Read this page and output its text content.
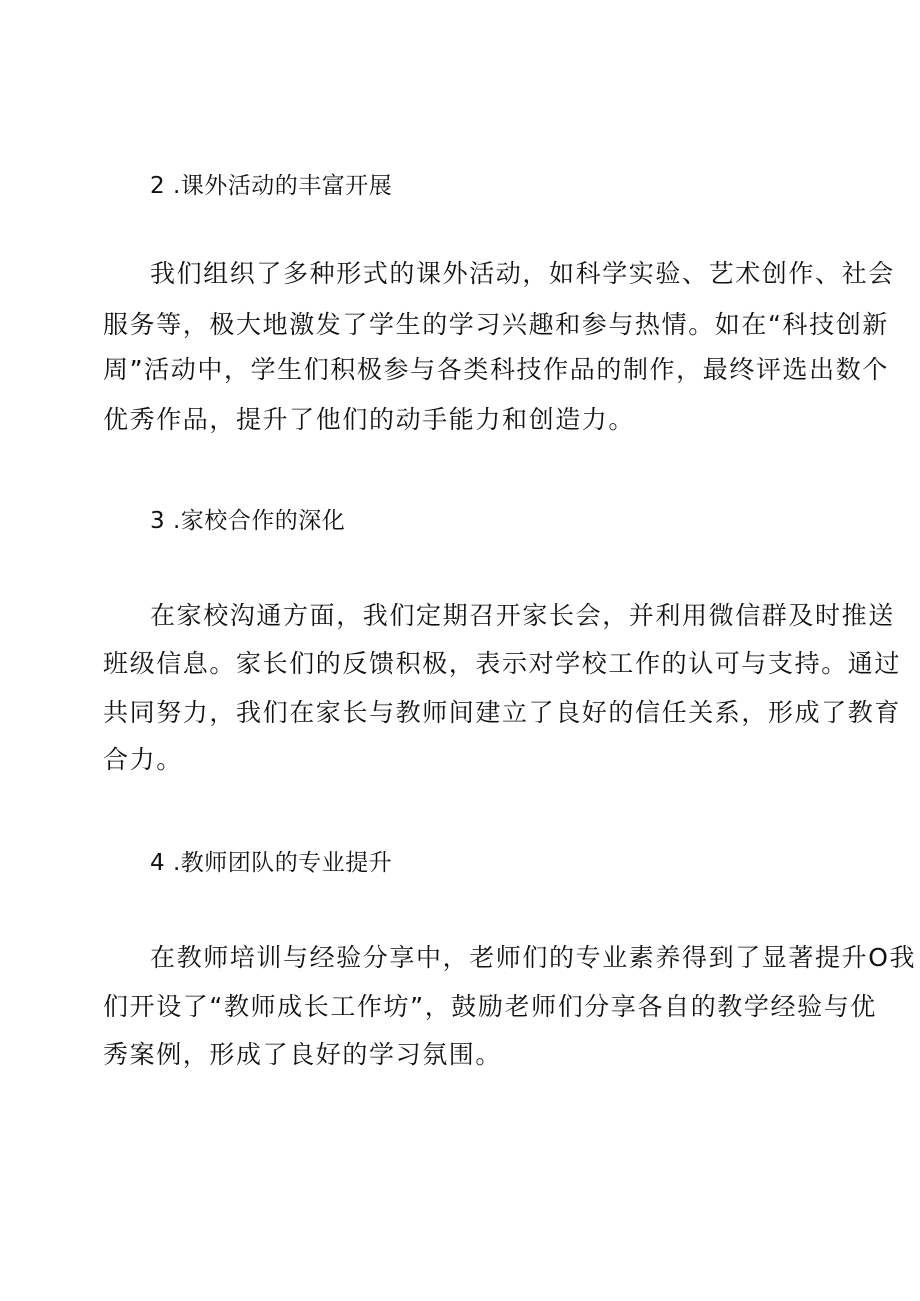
2 .课外活动的丰富开展
我们组织了多种形式的课外活动，如科学实验、艺术创作、社会
服务等，极大地激发了学生的学习兴趣和参与热情。如在“科技创新
周”活动中，学生们积极参与各类科技作品的制作，最终评选出数个
优秀作品，提升了他们的动手能力和创造力。
3 .家校合作的深化
在家校沟通方面，我们定期召开家长会，并利用微信群及时推送
班级信息。家长们的反馈积极，表示对学校工作的认可与支持。通过
共同努力，我们在家长与教师间建立了良好的信任关系，形成了教育
合力。
4 .教师团队的专业提升
在教师培训与经验分享中，老师们的专业素养得到了显著提升O我
们开设了“教师成长工作坊”，鼓励老师们分享各自的教学经验与优
秀案例，形成了良好的学习氛围。
